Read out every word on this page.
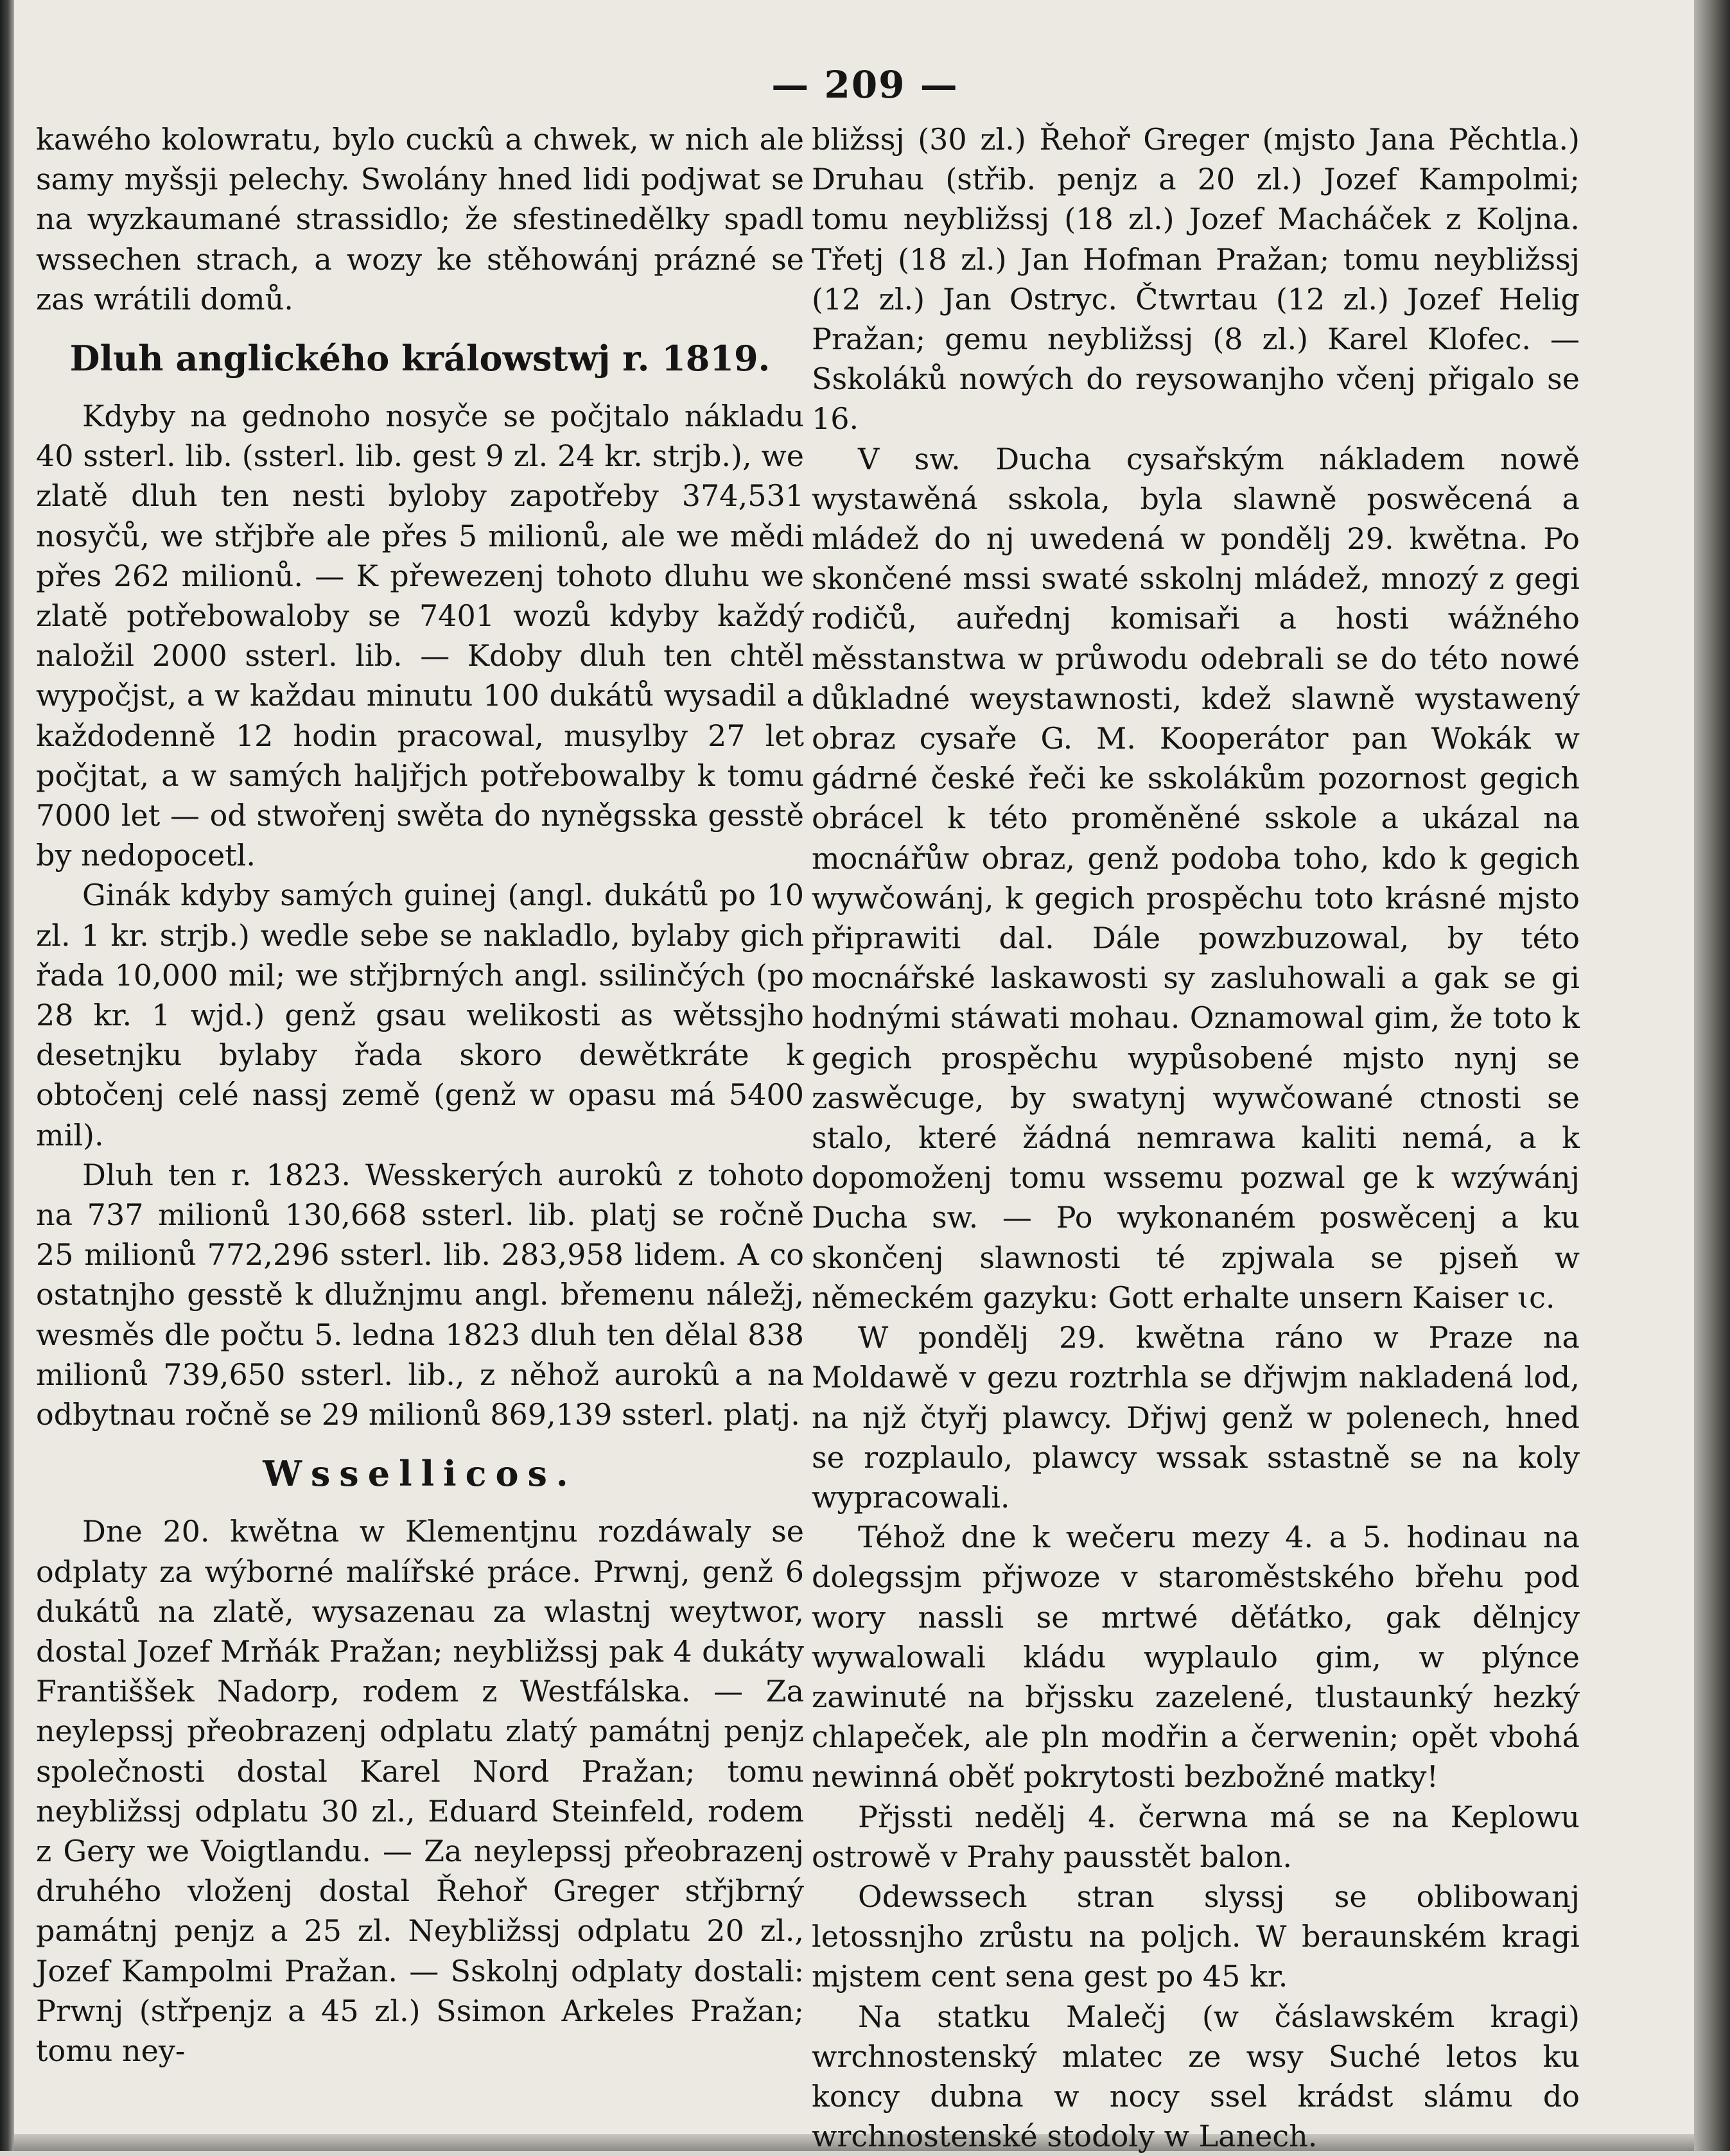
— 209 —

kawého kolowratu, bylo cuckû a chwek, w nich ale samy myšsji pelechy. Swolány hned lidi podjwat se na wyzkaumané strassidlo; že sfestinedělky spadl wssechen strach, a wozy ke stěhowánj prázné se zas wrátili domů.

Dluh anglického králowstwj r. 1819.

Kdyby na gednoho nosyče se počjtalo nákladu 40 ssterl. lib. (ssterl. lib. gest 9 zl. 24 kr. strjb.), we zlatě dluh ten nesti byloby zapotřeby 374,531 nosyčů, we střjbře ale přes 5 milionů, ale we mědi přes 262 milionů. — K přewezenj tohoto dluhu we zlatě potřebowaloby se 7401 wozů kdyby každý naložil 2000 ssterl. lib. — Kdoby dluh ten chtěl wypočjst, a w každau minutu 100 dukátů wysadil a každodenně 12 hodin pracowal, musylby 27 let počjtat, a w samých haljřjch potřebowalby k tomu 7000 let — od stwořenj swěta do nyněgsska gesstě by nedopocetl.

Ginák kdyby samých guinej (angl. dukátů po 10 zl. 1 kr. strjb.) wedle sebe se nakladlo, bylaby gich řada 10,000 mil; we střjbrných angl. ssilinčých (po 28 kr. 1 wjd.) genž gsau welikosti as wětssjho desetnjku bylaby řada skoro dewětkráte k obtočenj celé nassj země (genž w opasu má 5400 mil).

Dluh ten r. 1823. Wesskerých aurokû z tohoto na 737 milionů 130,668 ssterl. lib. platj se ročně 25 milionů 772,296 ssterl. lib. 283,958 lidem. A co ostatnjho gesstě k dlužnjmu angl. břemenu náležj, wesměs dle počtu 5. ledna 1823 dluh ten dělal 838 milionů 739,650 ssterl. lib., z něhož aurokû a na odbytnau ročně se 29 milionů 869,139 ssterl. platj.

Wssellicos.

Dne 20. kwětna w Klementjnu rozdáwaly se odplaty za wýborné malířské práce. Prwnj, genž 6 dukátů na zlatě, wysazenau za wlastnj weytwor, dostal Jozef Mrňák Pražan; neybližssj pak 4 dukáty Františšek Nadorp, rodem z Westfálska. — Za neylepssj přeobrazenj odplatu zlatý památnj penjz společnosti dostal Karel Nord Pražan; tomu neybližssj odplatu 30 zl., Eduard Steinfeld, rodem z Gery we Voigtlandu. — Za neylepssj přeobrazenj druhého vloženj dostal Řehoř Greger střjbrný památnj penjz a 25 zl. Neybližssj odplatu 20 zl., Jozef Kampolmi Pražan. — Sskolnj odplaty dostali: Prwnj (střpenjz a 45 zl.) Ssimon Arkeles Pražan; tomu ney-

bližssj (30 zl.) Řehoř Greger (mjsto Jana Pěchtla.) Druhau (střib. penjz a 20 zl.) Jozef Kampolmi; tomu neybližssj (18 zl.) Jozef Macháček z Koljna. Třetj (18 zl.) Jan Hofman Pražan; tomu neybližssj (12 zl.) Jan Ostryc. Čtwrtau (12 zl.) Jozef Helig Pražan; gemu neybližssj (8 zl.) Karel Klofec. — Sskoláků nowých do reysowanjho včenj přigalo se 16.

V sw. Ducha cysařským nákladem nowě wystawěná sskola, byla slawně poswěcená a mládež do nj uwedená w pondělj 29. kwětna. Po skončené mssi swaté sskolnj mládež, mnozý z gegi rodičů, auřednj komisaři a hosti wážného měsstanstwa w průwodu odebrali se do této nowé důkladné weystawnosti, kdež slawně wystawený obraz cysaře G. M. Kooperátor pan Wokák w gádrné české řeči ke sskolákům pozornost gegich obrácel k této proměněné sskole a ukázal na mocnářůw obraz, genž podoba toho, kdo k gegich wywčowánj, k gegich prospěchu toto krásné mjsto připrawiti dal. Dále powzbuzowal, by této mocnářské laskawosti sy zasluhowali a gak se gi hodnými stáwati mohau. Oznamowal gim, že toto k gegich prospěchu wypůsobené mjsto nynj se zaswěcuge, by swatynj wywčowané ctnosti se stalo, které žádná nemrawa kaliti nemá, a k dopomoženj tomu wssemu pozwal ge k wzýwánj Ducha sw. — Po wykonaném poswěcenj a ku skončenj slawnosti té zpjwala se pjseň w německém gazyku: Gott erhalte unsern Kaiser ɩc.

W pondělj 29. kwětna ráno w Praze na Moldawě v gezu roztrhla se dřjwjm nakladená lod, na njž čtyřj plawcy. Dřjwj genž w polenech, hned se rozplaulo, plawcy wssak sstastně se na koly wypracowali.

Téhož dne k wečeru mezy 4. a 5. hodinau na dolegssjm přjwoze v staroměstského břehu pod wory nassli se mrtwé děťátko, gak dělnjcy wywalowali kládu wyplaulo gim, w plýnce zawinuté na břjssku zazelené, tlustaunký hezký chlapeček, ale pln modřin a čerwenin; opět vbohá newinná oběť pokrytosti bezbožné matky!

Přjssti nedělj 4. čerwna má se na Keplowu ostrowě v Prahy pausstět balon.

Odewssech stran slyssj se oblibowanj letossnjho zrůstu na poljch. W beraunském kragi mjstem cent sena gest po 45 kr.

Na statku Malečj (w čáslawském kragi) wrchnostenský mlatec ze wsy Suché letos ku koncy dubna w nocy ssel krádst slámu do wrchnostenské stodoly w Lanech.
